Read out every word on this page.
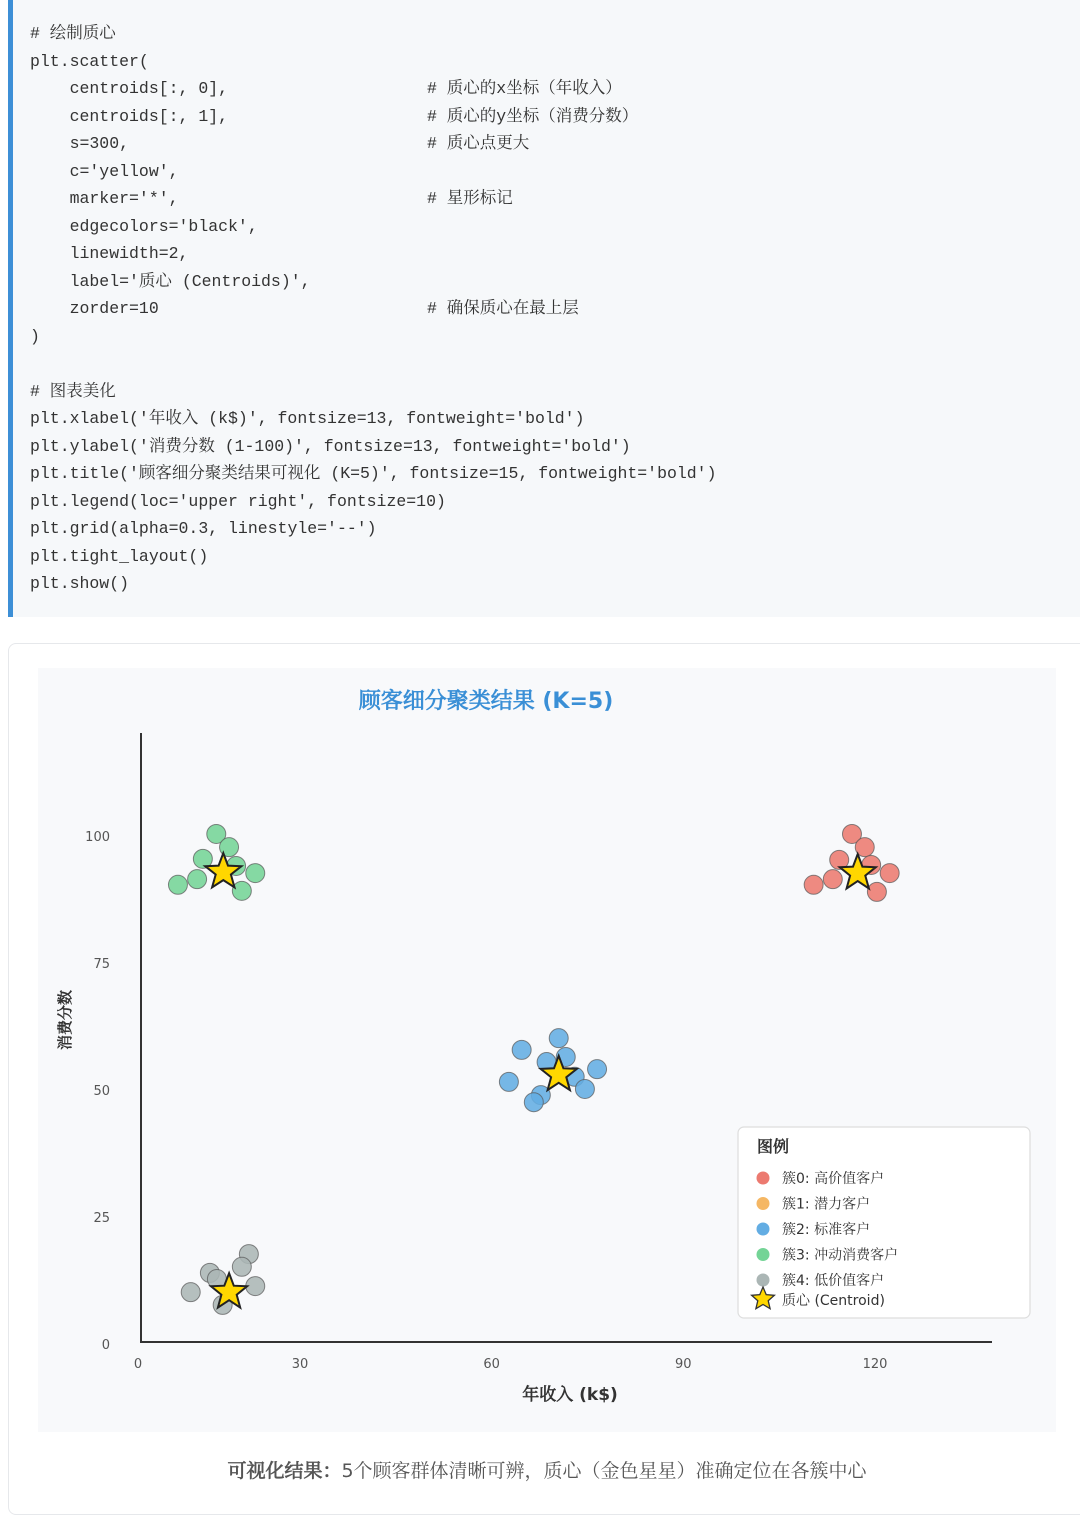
# 绘制质心
plt.scatter(
centroids[:, 0],	# 质心的x坐标（年收入）
centroids[:, 1],	# 质心的y坐标（消费分数）
s=300,	# 质心点更大
c='yellow',
marker='*',	# 星形标记
edgecolors='black',
linewidth=2,
label='质心 (Centroids)',
zorder=10	# 确保质心在最上层
)
# 图表美化
plt.xlabel('年收入 (k$)', fontsize=13, fontweight='bold')
plt.ylabel('消费分数 (1-100)', fontsize=13, fontweight='bold')
plt.title('顾客细分聚类结果可视化 (K=5)', fontsize=15, fontweight='bold')
plt.legend(loc='upper right', fontsize=10)
plt.grid(alpha=0.3, linestyle='--')
plt.tight_layout()
plt.show()
顾客细分聚类结果 (K=5)
0	30	60	90	120
0
25
50
75
100
年收入 (k$)
消费分数
图例
簇0: 高价值客户
簇1: 潜力客户
簇2: 标准客户
簇3: 冲动消费客户
簇4: 低价值客户
质心 (Centroid)
可视化结果：5个顾客群体清晰可辨，质心（金色星星）准确定位在各簇中心
